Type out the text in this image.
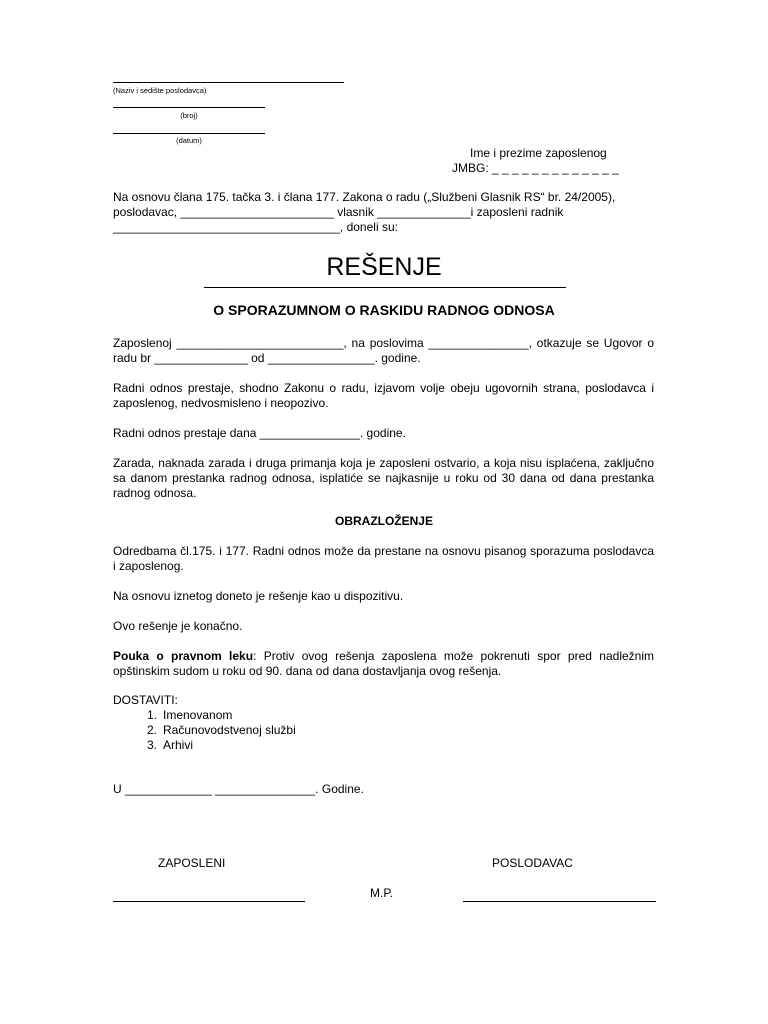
(Naziv i sedište poslodavca)
(broj)
(datum)
Ime i prezime zaposlenog
JMBG: _ _ _ _ _ _ _ _ _ _ _ _ _
Na osnovu člana 175. tačka 3. i člana 177. Zakona o radu („Službeni Glasnik RS“ br. 24/2005),
poslodavac, _______________________ vlasnik ______________i zaposleni radnik
__________________________________, doneli su:
REŠENJE
O SPORAZUMNOM O RASKIDU RADNOG ODNOSA
Zaposlenoj _________________________, na poslovima _______________, otkazuje se Ugovor o radu br ______________ od ________________. godine.
Radni odnos prestaje, shodno Zakonu o radu, izjavom volje obeju ugovornih strana, poslodavca i zaposlenog, nedvosmisleno i neopozivo.
Radni odnos prestaje dana _______________. godine.
Zarada, naknada zarada i druga primanja koja je zaposleni ostvario, a koja nisu isplaćena, zaključno sa danom prestanka radnog odnosa, isplatiće se najkasnije u roku od 30 dana od dana prestanka radnog odnosa.
OBRAZLOŽENJE
Odredbama čl.175. i 177. Radni odnos može da prestane na osnovu pisanog sporazuma poslodavca i zaposlenog.
Na osnovu iznetog doneto je rešenje kao u dispozitivu.
Ovo rešenje je konačno.
Pouka o pravnom leku: Protiv ovog rešenja zaposlena može pokrenuti spor pred nadležnim opštinskim sudom u roku od 90. dana od dana dostavljanja ovog rešenja.
DOSTAVITI:
1. Imenovanom
2. Računovodstvenoj službi
3. Arhivi
U _____________ _______________. Godine.
ZAPOSLENI	POSLODAVAC
M.P.
